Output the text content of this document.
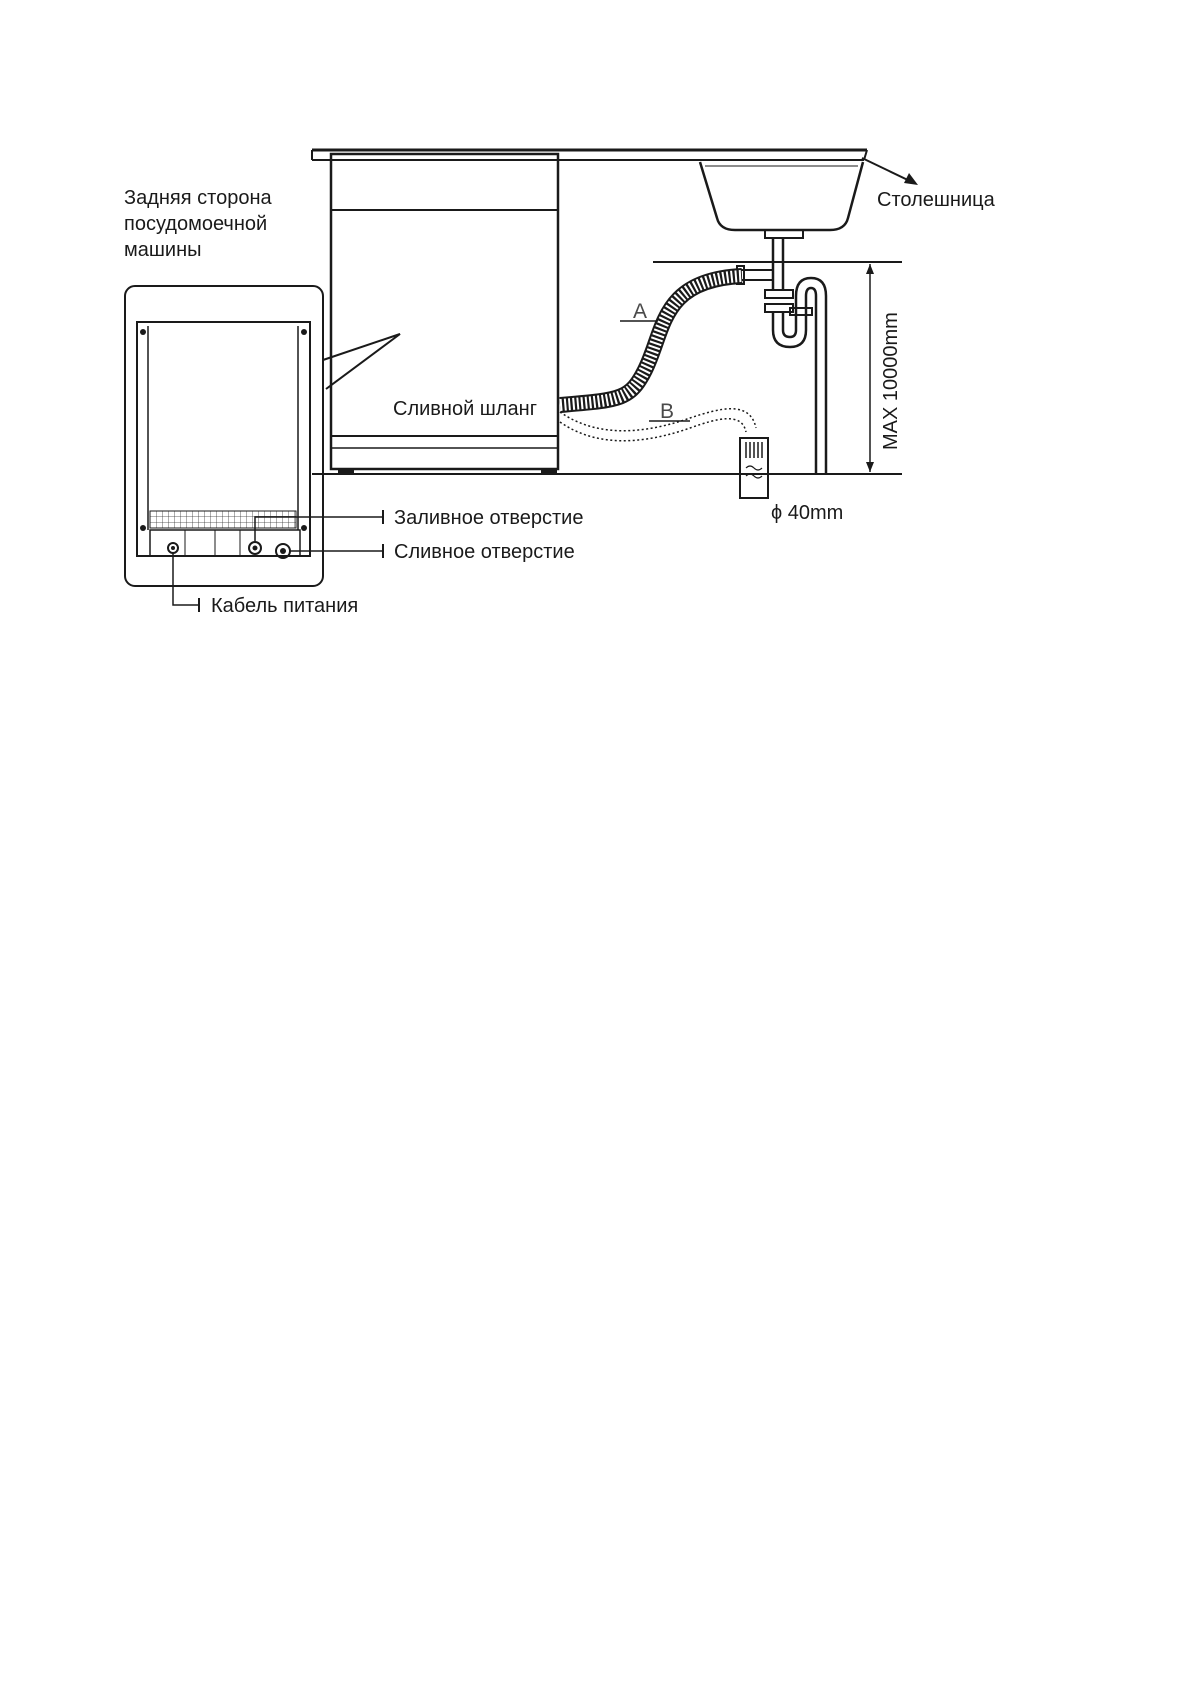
Задняя сторона посудомоечной машины
Столешница
Сливной шланг
Заливное отверстие
Сливное отверстие
Кабель питания
A
B
ϕ 40mm
MAX 10000mm
